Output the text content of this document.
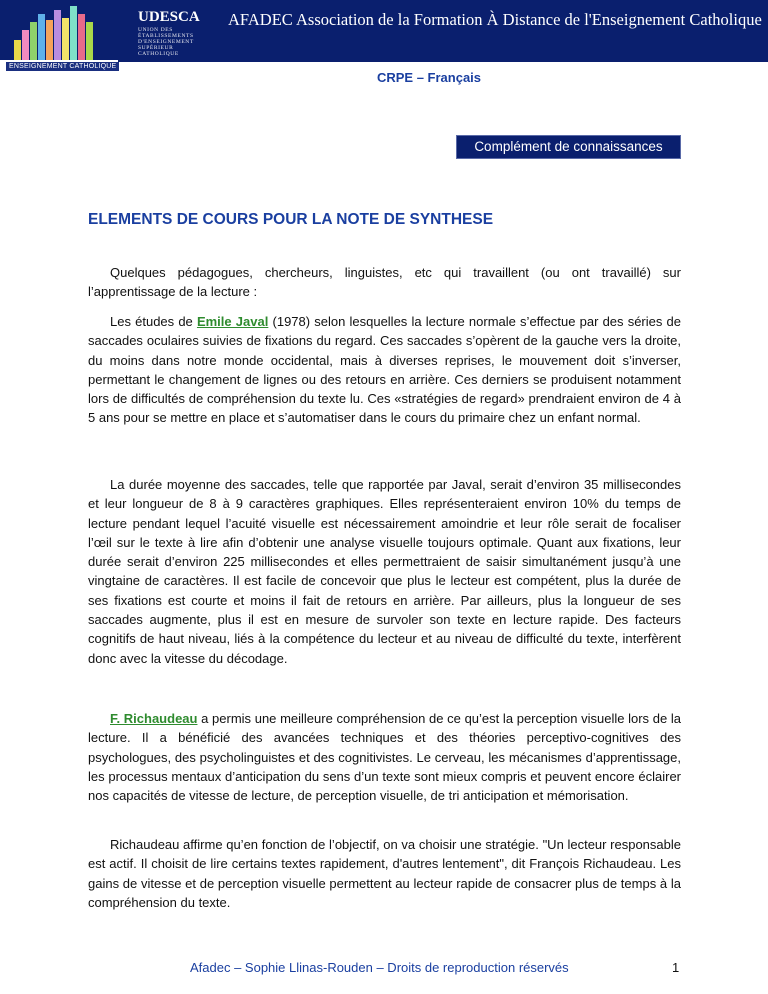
ENSEIGNEMENT CATHOLIQUE
UDESCA
UNION DES ÉTABLISSEMENTS D'ENSEIGNEMENT SUPÉRIEUR CATHOLIQUE
AFADEC Association de la Formation À Distance de l'Enseignement Catholique
CRPE – Français
Complément de connaissances
ELEMENTS DE COURS POUR LA NOTE DE SYNTHESE

Quelques pédagogues, chercheurs, linguistes, etc qui travaillent (ou ont travaillé) sur l’apprentissage de la lecture :

Les études de Emile Javal (1978) selon lesquelles la lecture normale s’effectue par des séries de saccades oculaires suivies de fixations du regard. Ces saccades s’opèrent de la gauche vers la droite, du moins dans notre monde occidental, mais à diverses reprises, le mouvement doit s’inverser, permettant le changement de lignes ou des retours en arrière. Ces derniers se produisent notamment lors de difficultés de compréhension du texte lu. Ces «stratégies de regard» prendraient environ de 4 à 5 ans pour se mettre en place et s’automatiser dans le cours du primaire chez un enfant normal.

La durée moyenne des saccades, telle que rapportée par Javal, serait d’environ 35 millisecondes et leur longueur de 8 à 9 caractères graphiques. Elles représenteraient environ 10% du temps de lecture pendant lequel l’acuité visuelle est nécessairement amoindrie et leur rôle serait de focaliser l’œil sur le texte à lire afin d’obtenir une analyse visuelle toujours optimale. Quant aux fixations, leur durée serait d’environ 225 millisecondes et elles permettraient de saisir simultanément jusqu’à une vingtaine de caractères. Il est facile de concevoir que plus le lecteur est compétent, plus la durée de ses fixations est courte et moins il fait de retours en arrière. Par ailleurs, plus la longueur de ses saccades augmente, plus il est en mesure de survoler son texte en lecture rapide. Des facteurs cognitifs de haut niveau, liés à la compétence du lecteur et au niveau de difficulté du texte, interfèrent donc avec la vitesse du décodage.

F. Richaudeau a permis une meilleure compréhension de ce qu’est la perception visuelle lors de la lecture. Il a bénéficié des avancées techniques et des théories perceptivo-cognitives des psychologues, des psycholinguistes et des cognitivistes. Le cerveau, les mécanismes d’apprentissage, les processus mentaux d’anticipation du sens d’un texte sont mieux compris et peuvent encore éclairer nos capacités de vitesse de lecture, de perception visuelle, de tri anticipation et mémorisation.

Richaudeau affirme qu’en fonction de l’objectif, on va choisir une stratégie. "Un lecteur responsable est actif. Il choisit de lire certains textes rapidement, d'autres lentement", dit François Richaudeau. Les gains de vitesse et de perception visuelle permettent au lecteur rapide de consacrer plus de temps à la compréhension du texte.

Afadec – Sophie Llinas-Rouden – Droits de reproduction réservés	1
